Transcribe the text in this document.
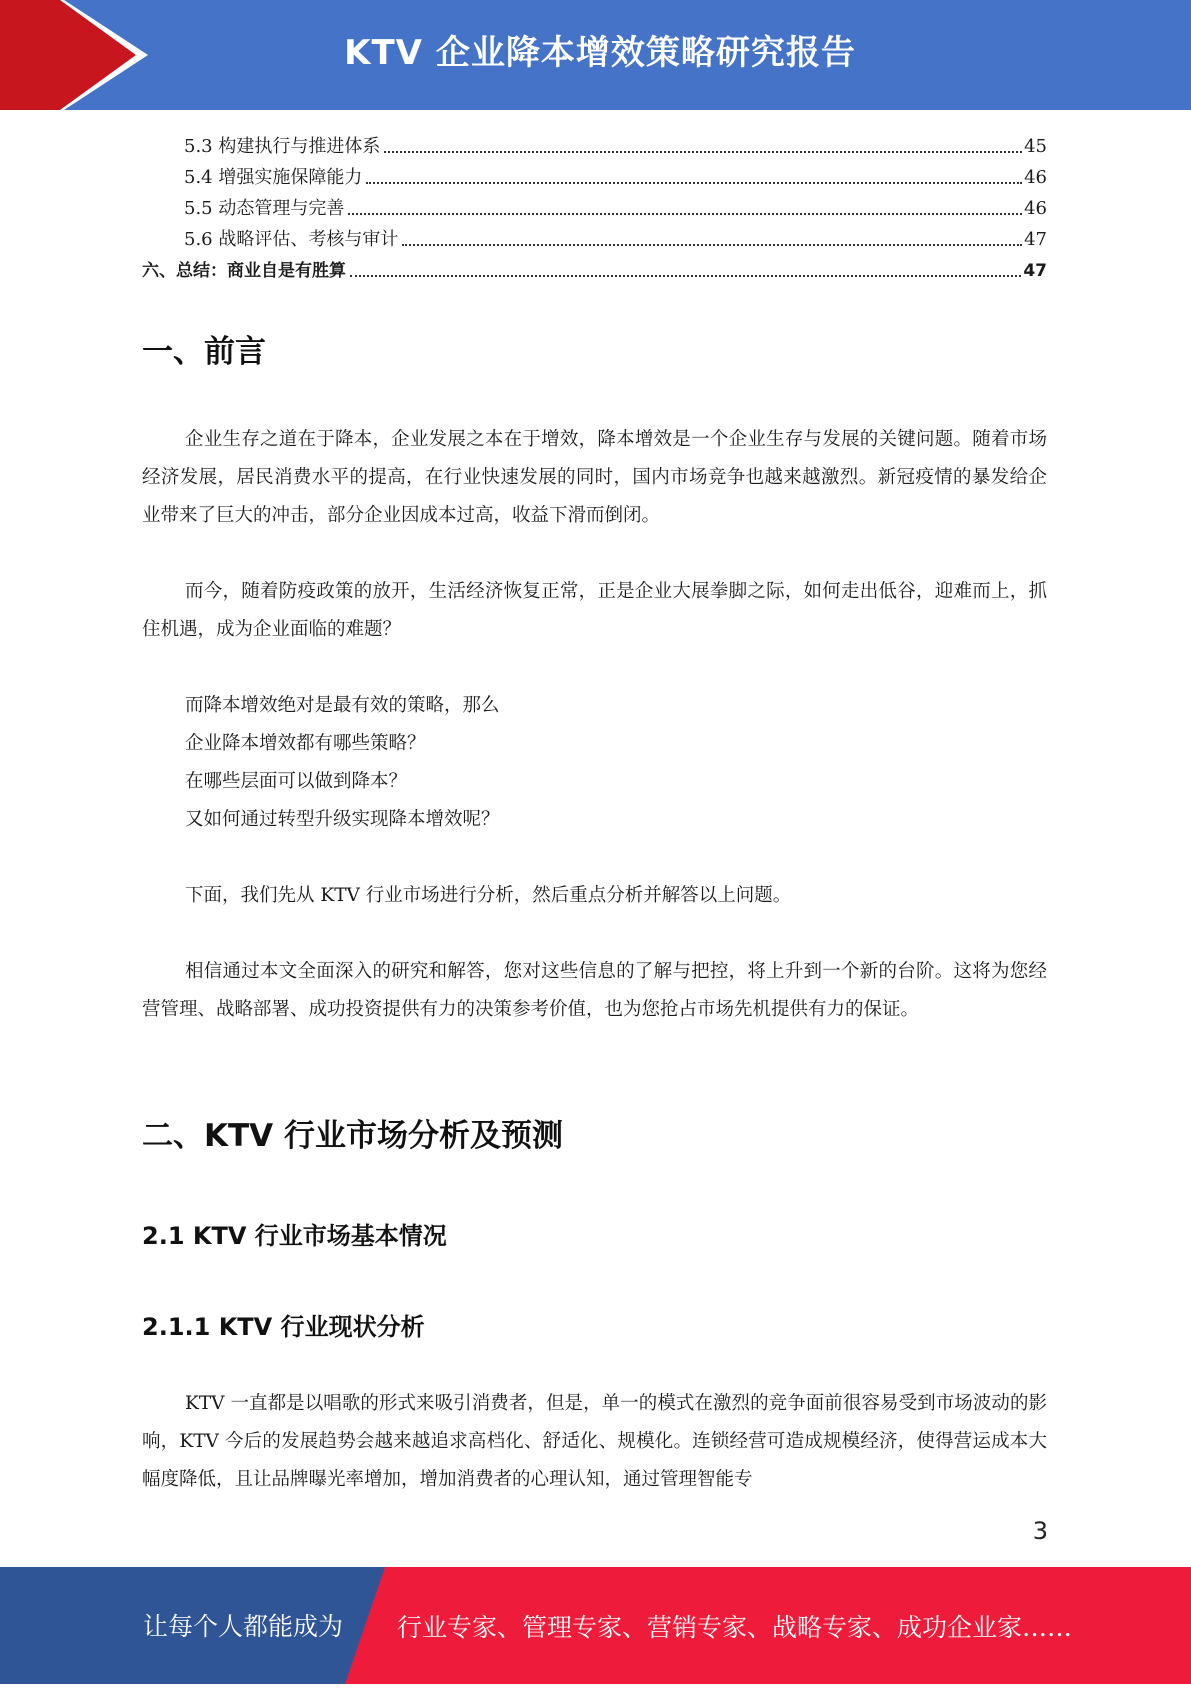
KTV 企业降本增效策略研究报告
5.3 构建执行与推进体系	45
5.4 增强实施保障能力	46
5.5 动态管理与完善	46
5.6 战略评估、考核与审计	47
六、总结：商业自是有胜算	47
一、前言
企业生存之道在于降本，企业发展之本在于增效，降本增效是一个企业生存与发展的关键问题。随着市场经济发展，居民消费水平的提高，在行业快速发展的同时，国内市场竞争也越来越激烈。新冠疫情的暴发给企业带来了巨大的冲击，部分企业因成本过高，收益下滑而倒闭。
而今，随着防疫政策的放开，生活经济恢复正常，正是企业大展拳脚之际，如何走出低谷，迎难而上，抓住机遇，成为企业面临的难题？
而降本增效绝对是最有效的策略，那么
企业降本增效都有哪些策略？
在哪些层面可以做到降本？
又如何通过转型升级实现降本增效呢？
下面，我们先从 KTV 行业市场进行分析，然后重点分析并解答以上问题。
相信通过本文全面深入的研究和解答，您对这些信息的了解与把控，将上升到一个新的台阶。这将为您经营管理、战略部署、成功投资提供有力的决策参考价值，也为您抢占市场先机提供有力的保证。
二、KTV 行业市场分析及预测
2.1 KTV 行业市场基本情况
2.1.1 KTV 行业现状分析
KTV 一直都是以唱歌的形式来吸引消费者，但是，单一的模式在激烈的竞争面前很容易受到市场波动的影响，KTV 今后的发展趋势会越来越追求高档化、舒适化、规模化。连锁经营可造成规模经济，使得营运成本大幅度降低，且让品牌曝光率增加，增加消费者的心理认知，通过管理智能专
3
让每个人都能成为 行业专家、管理专家、营销专家、战略专家、成功企业家……
